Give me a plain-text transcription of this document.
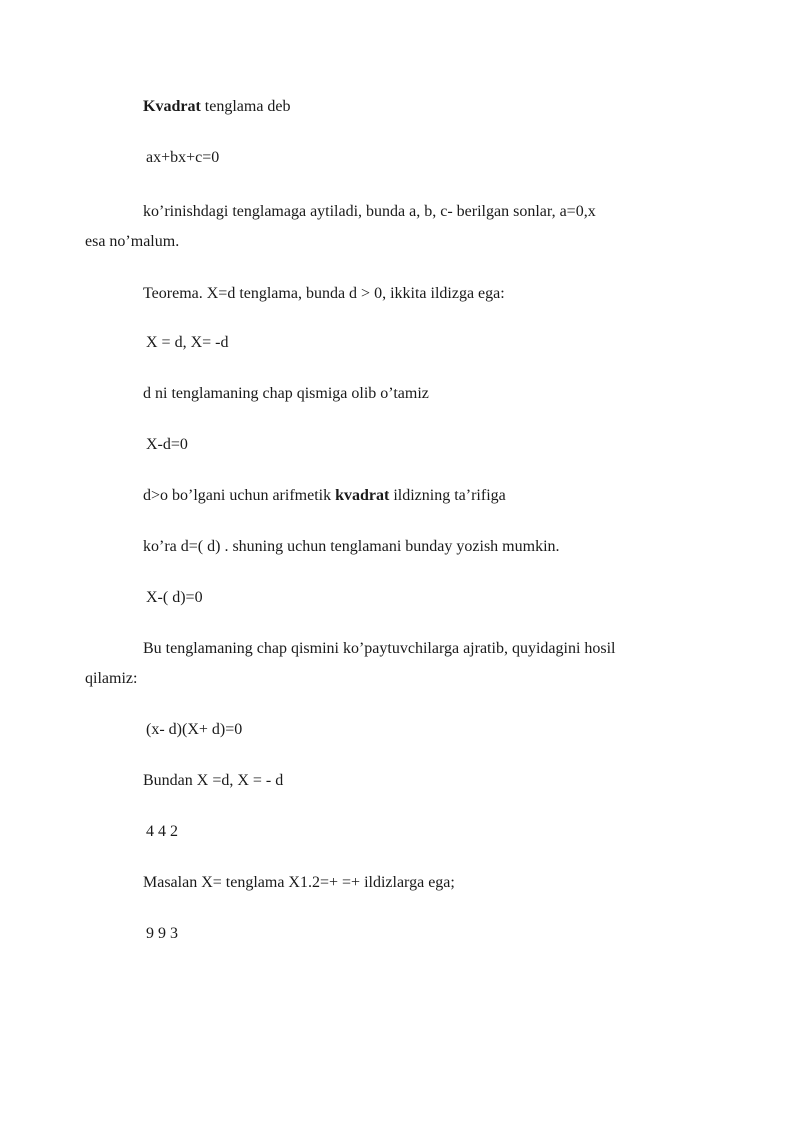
Kvadrat tenglama deb
ax+bx+c=0
ko’rinishdagi tenglamaga aytiladi, bunda a, b, c- berilgan sonlar, a=0,x
esa no’malum.
Teorema. X=d tenglama, bunda d > 0, ikkita ildizga ega:
X = d, X= -d
d ni tenglamaning chap qismiga olib o’tamiz
X-d=0
d>o bo’lgani uchun arifmetik kvadrat ildizning ta’rifiga
ko’ra d=( d) . shuning uchun tenglamani bunday yozish mumkin.
X-( d)=0
Bu tenglamaning chap qismini ko’paytuvchilarga ajratib, quyidagini hosil
qilamiz:
(x- d)(X+ d)=0
Bundan X =d, X = - d
4 4 2
Masalan X= tenglama X1.2=+ =+ ildizlarga ega;
9 9 3
